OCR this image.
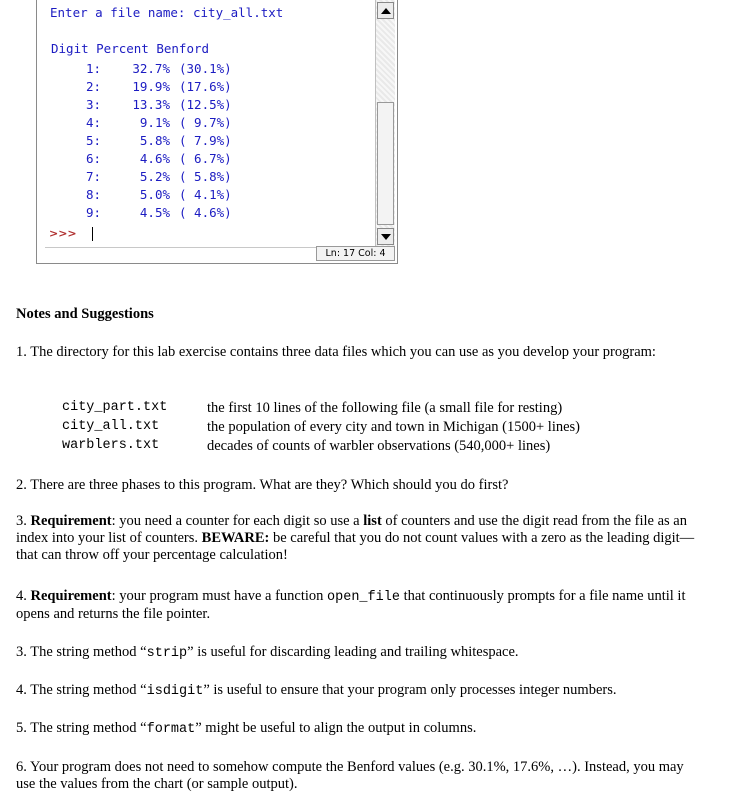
Enter a file name: city_all.txt
Digit Percent Benford
1:	32.7% (30.1%)
2:	19.9% (17.6%)
3:	13.3% (12.5%)
4:	9.1% ( 9.7%)
5:	5.8% ( 7.9%)
6:	4.6% ( 6.7%)
7:	5.2% ( 5.8%)
8:	5.0% ( 4.1%)
9:	4.5% ( 4.6%)
>>>
Ln: 17 Col: 4

Notes and Suggestions

1. The directory for this lab exercise contains three data files which you can use as you develop your program:

city_part.txt	the first 10 lines of the following file (a small file for resting)
city_all.txt	the population of every city and town in Michigan (1500+ lines)
warblers.txt	decades of counts of warbler observations (540,000+ lines)

2. There are three phases to this program. What are they? Which should you do first?

3. Requirement: you need a counter for each digit so use a list of counters and use the digit read from the file as an index into your list of counters. BEWARE: be careful that you do not count values with a zero as the leading digit—that can throw off your percentage calculation!

4. Requirement: your program must have a function open_file that continuously prompts for a file name until it opens and returns the file pointer.

3. The string method “strip” is useful for discarding leading and trailing whitespace.

4. The string method “isdigit” is useful to ensure that your program only processes integer numbers.

5. The string method “format” might be useful to align the output in columns.

6. Your program does not need to somehow compute the Benford values (e.g. 30.1%, 17.6%, …). Instead, you may use the values from the chart (or sample output).
